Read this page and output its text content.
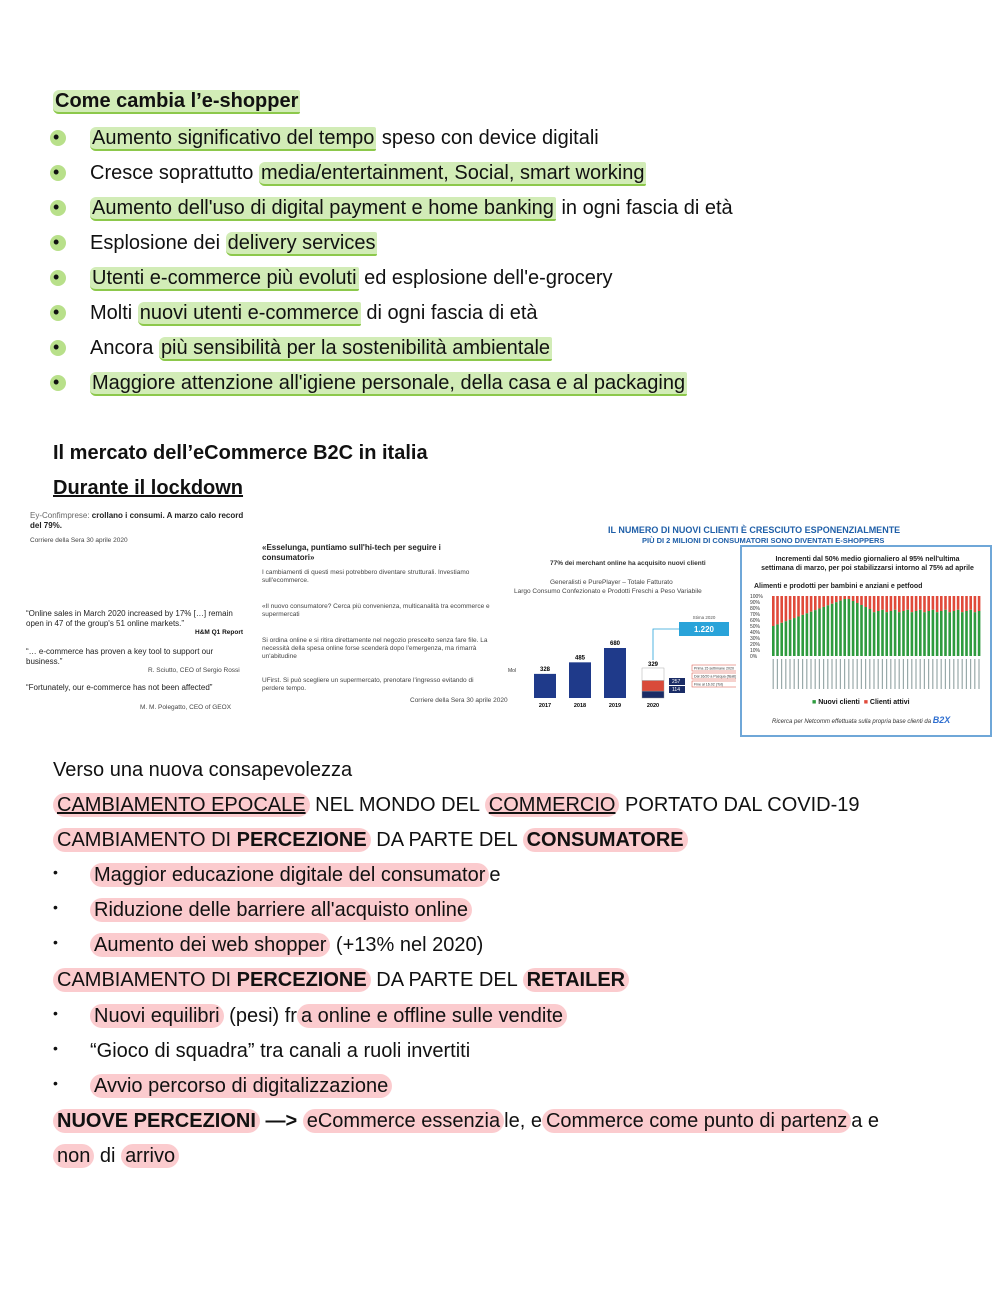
Come cambia l’e-shopper
• Aumento significativo del tempo speso con device digitali
• Cresce soprattutto media/entertainment, Social, smart working
• Aumento dell'uso di digital payment e home banking in ogni fascia di età
• Esplosione dei delivery services
• Utenti e-commerce più evoluti ed esplosione dell'e-grocery
• Molti nuovi utenti e-commerce di ogni fascia di età
• Ancora più sensibilità per la sostenibilità ambientale
• Maggiore attenzione all'igiene personale, della casa e al packaging
Il mercato dell’eCommerce B2C in italia
Durante il lockdown
Ey-Confimprese: crollano i consumi. A marzo calo record del 79%.
Corriere della Sera 30 aprile 2020
“Online sales in March 2020 increased by 17% […] remain open in 47 of the group's 51 online markets.”
H&M Q1 Report
“… e-commerce has proven a key tool to support our business.”
R. Sciutto, CEO of Sergio Rossi
“Fortunately, our e-commerce has not been affected”
M. M. Polegatto, CEO of GEOX
«Esselunga, puntiamo sull'hi-tech per seguire i consumatori»
I cambiamenti di questi mesi potrebbero diventare strutturali. Investiamo sull'ecommerce.
«Il nuovo consumatore? Cerca più convenienza, multicanalità tra ecommerce e supermercati
Si ordina online e si ritira direttamente nel negozio prescelto senza fare file. La necessità della spesa online forse scenderà dopo l'emergenza, ma rimarrà un'abitudine
UFirst. Si può scegliere un supermercato, prenotare l'ingresso evitando di perdere tempo.
Corriere della Sera 30 aprile 2020
IL NUMERO DI NUOVI CLIENTI È CRESCIUTO ESPONENZIALMENTE
PIÙ DI 2 MILIONI DI CONSUMATORI SONO DIVENTATI E-SHOPPERS
77% dei merchant online ha acquisito nuovi clienti
Generalisti e PurePlayer – Totale Fatturato
Largo Consumo Confezionato e Prodotti Freschi a Peso Variabile
Mol	328
2017
485
2018
680
2019
329
257
114
1.220
Stima 2020
Prima 15 settimane 2020
Dal 16/20 a Pasqua (fisati)
Fine al 16.02 (Tot)
2020
Incrementi dal 50% medio giornaliero al 95% nell'ultima settimana di marzo, per poi stabilizzarsi intorno al 75% ad aprile
Alimenti e prodotti per bambini e anziani e petfood
100%
90%
80%
70%
60%
50%
40%
30%
20%
10%
0%
■ Nuovi clienti ■ Clienti attivi
Ricerca per Netcomm effettuata sulla propria base clienti da B2X
Verso una nuova consapevolezza
CAMBIAMENTO EPOCALE NEL MONDO DEL COMMERCIO PORTATO DAL COVID-19
CAMBIAMENTO DI PERCEZIONE DA PARTE DEL CONSUMATORE
• Maggior educazione digitale del consumator e
• Riduzione delle barriere all'acquisto online
• Aumento dei web shopper (+13% nel 2020)
CAMBIAMENTO DI PERCEZIONE DA PARTE DEL RETAILER
• Nuovi equilibri (pesi) fr a online e offline sulle vendite
• “Gioco di squadra” tra canali a ruoli invertiti
• Avvio percorso di digitalizzazione
NUOVE PERCEZIONI —> eCommerce essenzia le, e Commerce come punto di partenz a e
non di arrivo
